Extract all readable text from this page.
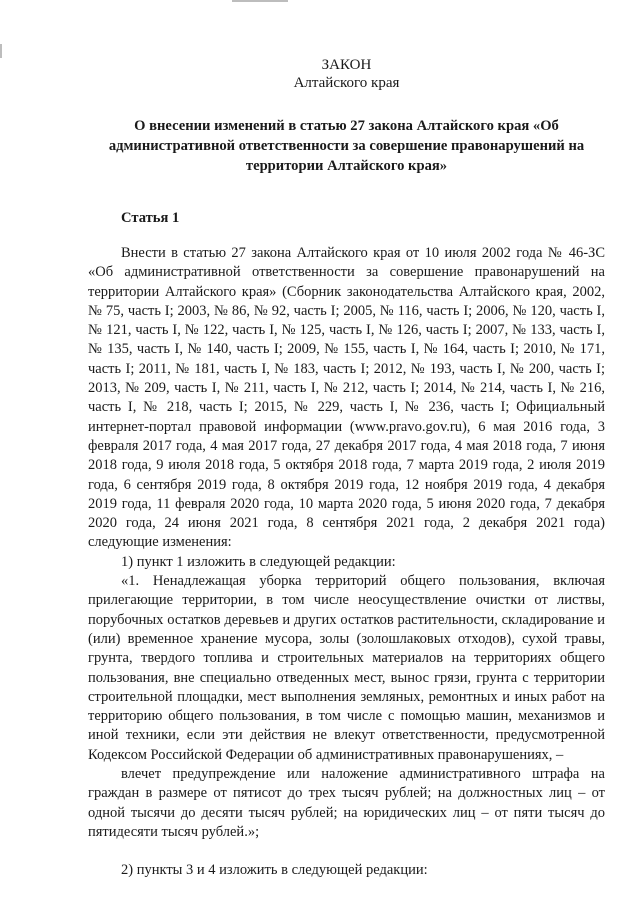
ЗАКОН
Алтайского края
О внесении изменений в статью 27 закона Алтайского края «Об административной ответственности за совершение правонарушений на территории Алтайского края»
Статья 1

Внести в статью 27 закона Алтайского края от 10 июля 2002 года № 46-ЗС «Об административной ответственности за совершение правонарушений на территории Алтайского края» (Сборник законодательства Алтайского края, 2002, № 75, часть I; 2003, № 86, № 92, часть I; 2005, № 116, часть I; 2006, № 120, часть I, № 121, часть I, № 122, часть I, № 125, часть I, № 126, часть I; 2007, № 133, часть I, № 135, часть I, № 140, часть I; 2009, № 155, часть I, № 164, часть I; 2010, № 171, часть I; 2011, № 181, часть I, № 183, часть I; 2012, № 193, часть I, № 200, часть I; 2013, № 209, часть I, № 211, часть I, № 212, часть I; 2014, № 214, часть I, № 216, часть I, № 218, часть I; 2015, № 229, часть I, № 236, часть I; Официальный интернет-портал правовой информации (www.pravo.gov.ru), 6 мая 2016 года, 3 февраля 2017 года, 4 мая 2017 года, 27 декабря 2017 года, 4 мая 2018 года, 7 июня 2018 года, 9 июля 2018 года, 5 октября 2018 года, 7 марта 2019 года, 2 июля 2019 года, 6 сентября 2019 года, 8 октября 2019 года, 12 ноября 2019 года, 4 декабря 2019 года, 11 февраля 2020 года, 10 марта 2020 года, 5 июня 2020 года, 7 декабря 2020 года, 24 июня 2021 года, 8 сентября 2021 года, 2 декабря 2021 года) следующие изменения:

1) пункт 1 изложить в следующей редакции:

«1. Ненадлежащая уборка территорий общего пользования, включая прилегающие территории, в том числе неосуществление очистки от листвы, порубочных остатков деревьев и других остатков растительности, складирование и (или) временное хранение мусора, золы (золошлаковых отходов), сухой травы, грунта, твердого топлива и строительных материалов на территориях общего пользования, вне специально отведенных мест, вынос грязи, грунта с территории строительной площадки, мест выполнения земляных, ремонтных и иных работ на территорию общего пользования, в том числе с помощью машин, механизмов и иной техники, если эти действия не влекут ответственности, предусмотренной Кодексом Российской Федерации об административных правонарушениях, –

влечет предупреждение или наложение административного штрафа на граждан в размере от пятисот до трех тысяч рублей; на должностных лиц – от одной тысячи до десяти тысяч рублей; на юридических лиц – от пяти тысяч до пятидесяти тысяч рублей.»;

2) пункты 3 и 4 изложить в следующей редакции:
